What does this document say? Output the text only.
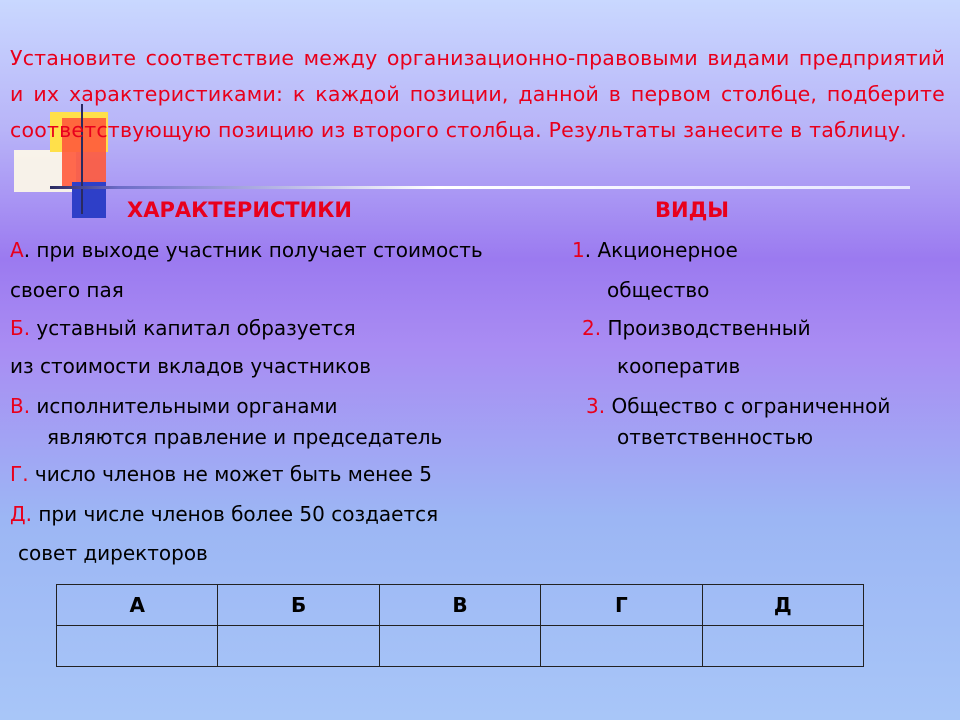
Установите соответствие между организационно-правовыми видами предприятий и их характеристиками: к каждой позиции, данной в первом столбце, подберите соответствующую позицию из второго столбца. Результаты занесите в таблицу.
ХАРАКТЕРИСТИКИ	ВИДЫ
А. при выходе участник получает стоимость
своего пая
Б. уставный капитал образуется
из стоимости вкладов участников
В. исполнительными органами
являются правление и председатель
Г. число членов не может быть менее 5
Д. при числе членов более 50 создается
совет директоров
1. Акционерное
общество
2. Производственный
кооператив
3. Общество с ограниченной
ответственностью
А	Б	В	Г	Д
